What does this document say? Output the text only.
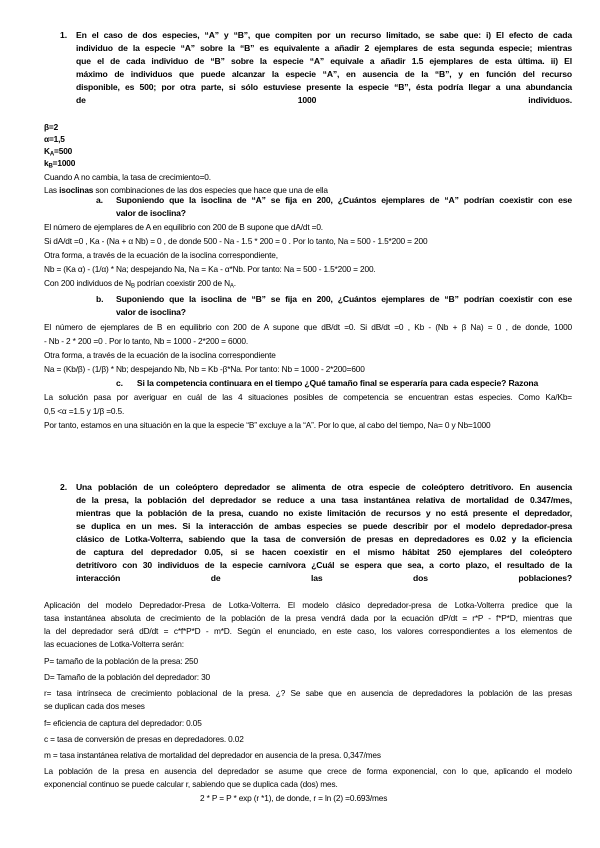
1. En el caso de dos especies, “A” y “B”, que compiten por un recurso limitado, se sabe que: i) El efecto de cada
individuo de la especie “A” sobre la “B” es equivalente a añadir 2 ejemplares de esta segunda especie; mientras
que el de cada individuo de “B” sobre la especie “A” equivale a añadir 1.5 ejemplares de esta última. ii) El
máximo de individuos que puede alcanzar la especie “A”, en ausencia de la “B”, y en función del recurso
disponible, es 500; por otra parte, si sólo estuviese presente la especie “B”, ésta podría llegar a una abundancia
de 1000 individuos.
β=2
α=1,5
$K_A=500$
$k_B=1000$
Cuando A no cambia, la tasa de crecimiento=0.
Las isoclinas son combinaciones de las dos especies que hace que una de ella
a. Suponiendo que la isoclina de “A” se fija en 200, ¿Cuántos ejemplares de “A” podrían coexistir con ese
valor de isoclina?
El número de ejemplares de A en equilibrio con 200 de B supone que dA/dt =0.
Si dA/dt =0 , Ka - (Na + α Nb) = 0 , de donde 500 - Na - 1.5 * 200 = 0 . Por lo tanto, Na = 500 - 1.5*200 = 200
Otra forma, a través de la ecuación de la isoclina correspondiente,
Nb = (Ka α) - (1/α) * Na; despejando Na, Na = Ka - α*Nb. Por tanto: Na = 500 - 1.5*200 = 200.
Con 200 individuos de $N_B$ podrían coexistir 200 de $N_A$.
b. Suponiendo que la isoclina de “B” se fija en 200, ¿Cuántos ejemplares de “B” podrían coexistir con ese
valor de isoclina?
El número de ejemplares de B en equilibrio con 200 de A supone que dB/dt =0. Si dB/dt =0 , Kb - (Nb + β Na) = 0 , de donde, 1000
- Nb - 2 * 200 =0 . Por lo tanto, Nb = 1000 - 2*200 = 6000.
Otra forma, a través de la ecuación de la isoclina correspondiente
Na = (Kb/β) - (1/β) * Nb; despejando Nb, Nb = Kb -β*Na. Por tanto: Nb = 1000 - 2*200=600
c. Si la competencia continuara en el tiempo ¿Qué tamaño final se esperaría para cada especie? Razona
La solución pasa por averiguar en cuál de las 4 situaciones posibles de competencia se encuentran estas especies. Como Ka/Kb=
0,5 <α =1.5 y 1/β =0.5.
Por tanto, estamos en una situación en la que la especie “B” excluye a la “A”. Por lo que, al cabo del tiempo, Na= 0 y Nb=1000
2. Una población de un coleóptero depredador se alimenta de otra especie de coleóptero detritívoro. En ausencia
de la presa, la población del depredador se reduce a una tasa instantánea relativa de mortalidad de 0.347/mes,
mientras que la población de la presa, cuando no existe limitación de recursos y no está presente el depredador,
se duplica en un mes. Si la interacción de ambas especies se puede describir por el modelo depredador-presa
clásico de Lotka-Volterra, sabiendo que la tasa de conversión de presas en depredadores es 0.02 y la eficiencia
de captura del depredador 0.05, si se hacen coexistir en el mismo hábitat 250 ejemplares del coleóptero
detritívoro con 30 individuos de la especie carnívora ¿Cuál se espera que sea, a corto plazo, el resultado de la
interacción de las dos poblaciones?
Aplicación del modelo Depredador-Presa de Lotka-Volterra. El modelo clásico depredador-presa de Lotka-Volterra predice que la
tasa instantánea absoluta de crecimiento de la población de la presa vendrá dada por la ecuación dP/dt = r*P - f*P*D, mientras que
la del depredador será dD/dt = c*f*P*D - m*D. Según el enunciado, en este caso, los valores correspondientes a los elementos de
las ecuaciones de Lotka-Volterra serán:
P= tamaño de la población de la presa: 250
D= Tamaño de la población del depredador: 30
r= tasa intrínseca de crecimiento poblacional de la presa. ¿? Se sabe que en ausencia de depredadores la población de las presas
se duplican cada dos meses
f= eficiencia de captura del depredador: 0.05
c = tasa de conversión de presas en depredadores. 0.02
m = tasa instantánea relativa de mortalidad del depredador en ausencia de la presa. 0,347/mes
La población de la presa en ausencia del depredador se asume que crece de forma exponencial, con lo que, aplicando el modelo
exponencial continuo se puede calcular r, sabiendo que se duplica cada (dos) mes.
2 * P = P * exp (r *1), de donde, r = ln (2) =0.693/mes
